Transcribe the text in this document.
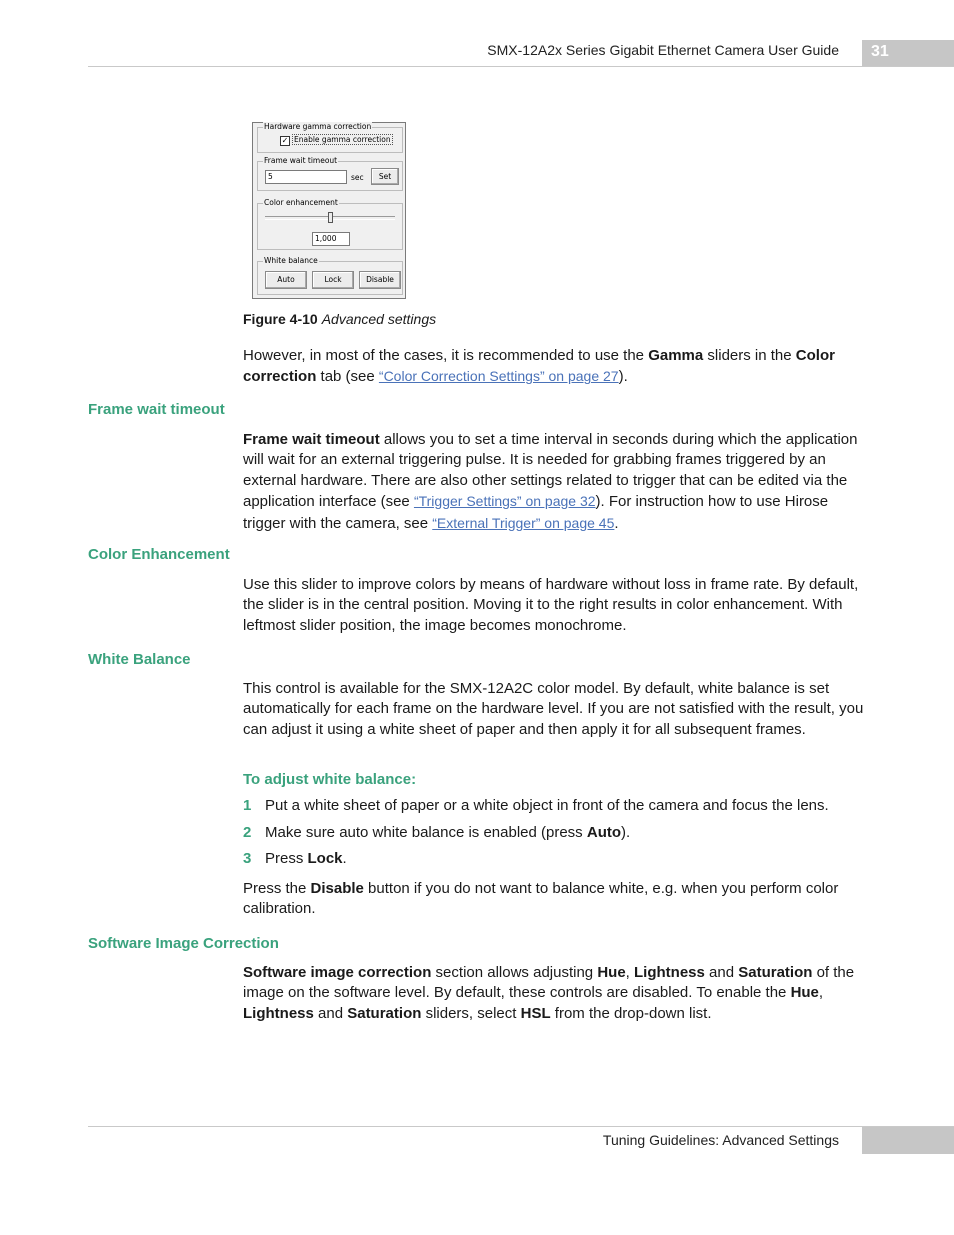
SMX-12A2x Series Gigabit Ethernet Camera User Guide 31
Hardware gamma correction
✓ Enable gamma correction
Frame wait timeout
5	sec	Set
Color enhancement
1,000
White balance
Auto	Lock	Disable
Figure 4-10 Advanced settings

However, in most of the cases, it is recommended to use the Gamma sliders in the Color correction tab (see “Color Correction Settings” on page 27).

Frame wait timeout

Frame wait timeout allows you to set a time interval in seconds during which the application will wait for an external triggering pulse. It is needed for grabbing frames triggered by an external hardware. There are also other settings related to trigger that can be edited via the application interface (see “Trigger Settings” on page 32). For instruction how to use Hirose trigger with the camera, see “External Trigger” on page 45.

Color Enhancement

Use this slider to improve colors by means of hardware without loss in frame rate. By default, the slider is in the central position. Moving it to the right results in color enhancement. With leftmost slider position, the image becomes monochrome.

White Balance

This control is available for the SMX-12A2C color model. By default, white balance is set automatically for each frame on the hardware level. If you are not satisfied with the result, you can adjust it using a white sheet of paper and then apply it for all subsequent frames.

To adjust white balance:
1 Put a white sheet of paper or a white object in front of the camera and focus the lens.
2 Make sure auto white balance is enabled (press Auto).
3 Press Lock.

Press the Disable button if you do not want to balance white, e.g. when you perform color calibration.

Software Image Correction

Software image correction section allows adjusting Hue, Lightness and Saturation of the image on the software level. By default, these controls are disabled. To enable the Hue, Lightness and Saturation sliders, select HSL from the drop-down list.

Tuning Guidelines: Advanced Settings
